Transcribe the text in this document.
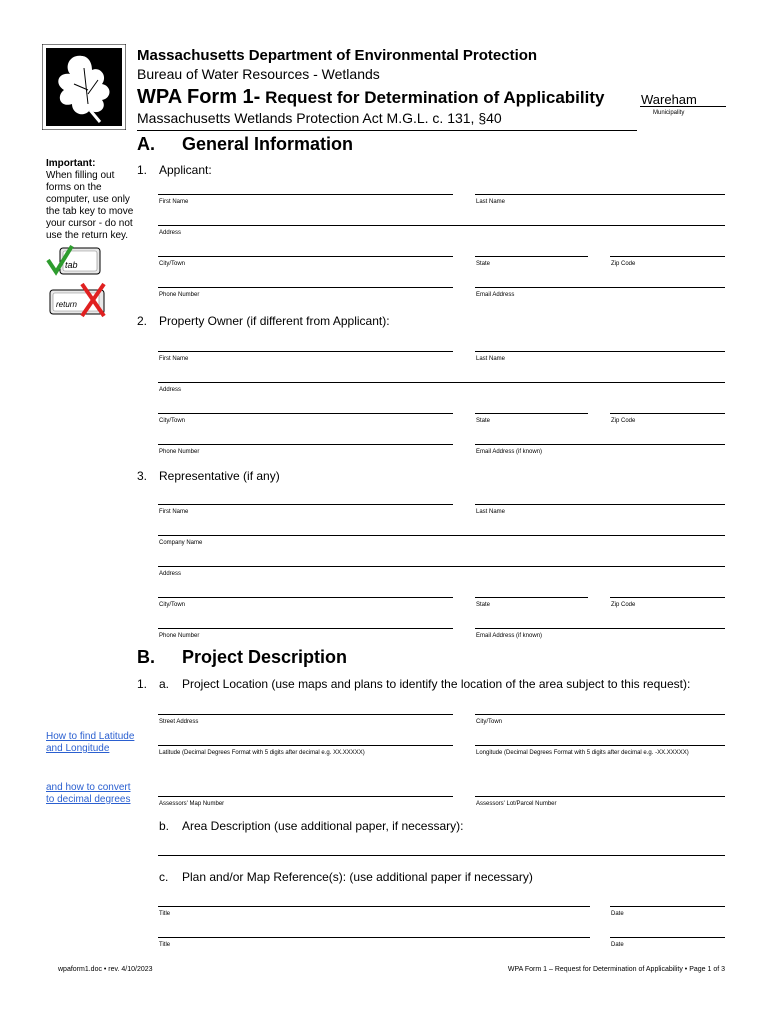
Massachusetts Department of Environmental Protection
Bureau of Water Resources - Wetlands
WPA Form 1- Request for Determination of Applicability	Wareham
Municipality
Massachusetts Wetlands Protection Act M.G.L. c. 131, §40
A. General Information
Important:
When filling out forms on the computer, use only the tab key to move your cursor - do not use the return key.
tab
return
1. Applicant:
First Name	Last Name
Address
City/Town	State	Zip Code
Phone Number	Email Address
2. Property Owner (if different from Applicant):
First Name	Last Name
Address
City/Town	State	Zip Code
Phone Number	Email Address (if known)
3. Representative (if any)
First Name	Last Name
Company Name
Address
City/Town	State	Zip Code
Phone Number	Email Address (if known)
B. Project Description
1. a. Project Location (use maps and plans to identify the location of the area subject to this request):
Street Address	City/Town
How to find Latitude and Longitude	Latitude (Decimal Degrees Format with 5 digits after decimal e.g. XX.XXXXX)	Longitude (Decimal Degrees Format with 5 digits after decimal e.g. -XX.XXXXX)
and how to convert to decimal degrees	Assessors' Map Number	Assessors' Lot/Parcel Number
b. Area Description (use additional paper, if necessary):
c. Plan and/or Map Reference(s): (use additional paper if necessary)
Title	Date
Title	Date
wpaform1.doc • rev. 4/10/2023	WPA Form 1 – Request for Determination of Applicability • Page 1 of 3
